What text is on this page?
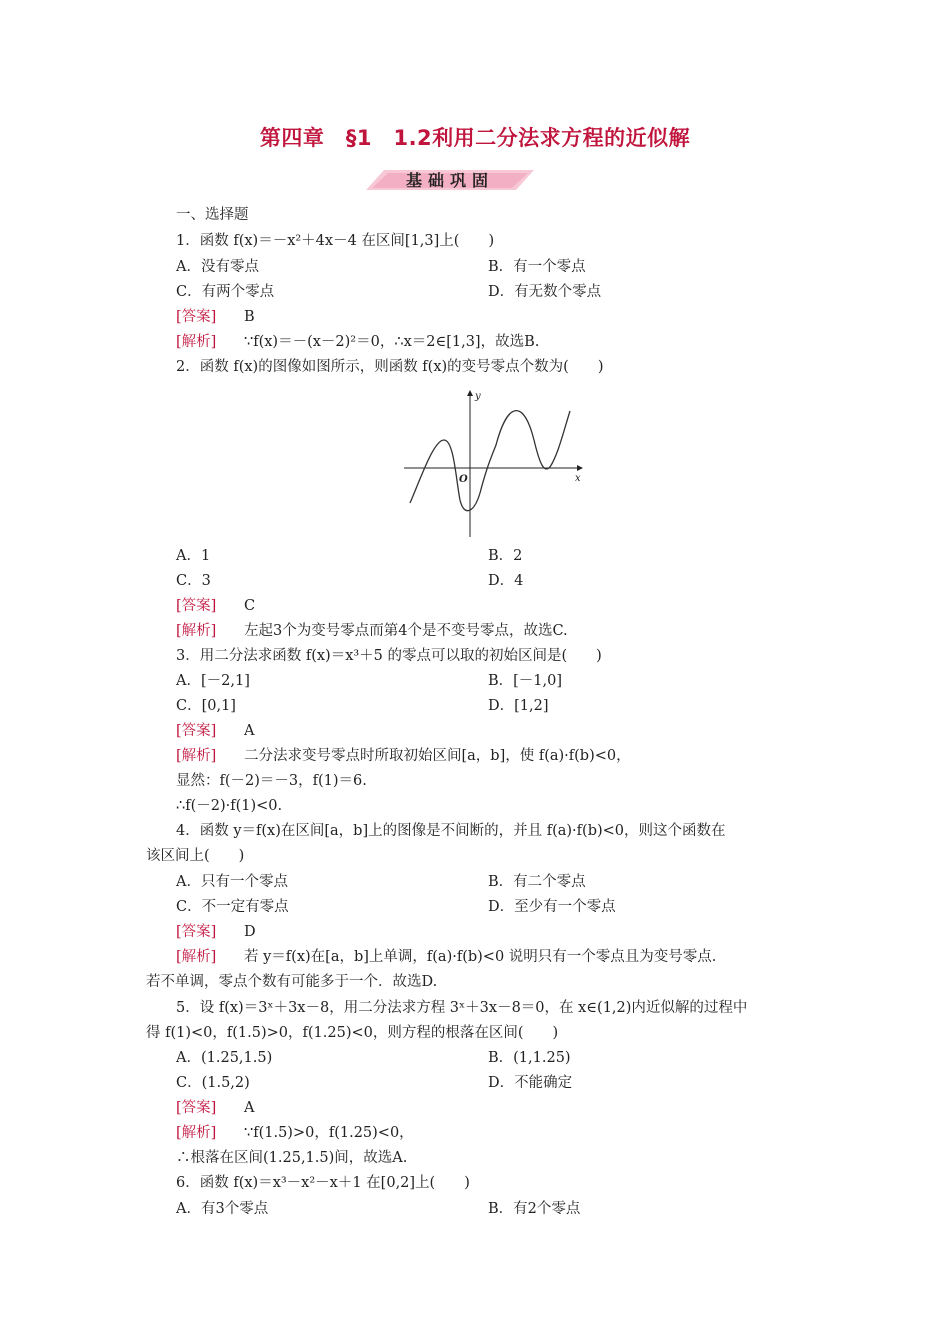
第四章　§1　1.2利用二分法求方程的近似解
基础巩固
一、选择题
1．函数 f(x)＝－x²＋4x－4 在区间[1,3]上(　　)
A．没有零点	B．有一个零点
C．有两个零点	D．有无数个零点
[答案] B
[解析] ∵f(x)＝－(x－2)²＝0，∴x＝2∈[1,3]，故选B.
2．函数 f(x)的图像如图所示，则函数 f(x)的变号零点个数为(　　)
y
x
O
A．1	B．2
C．3	D．4
[答案] C
[解析] 左起3个为变号零点而第4个是不变号零点，故选C.
3．用二分法求函数 f(x)＝x³＋5 的零点可以取的初始区间是(　　)
A．[－2,1]	B．[－1,0]
C．[0,1]	D．[1,2]
[答案] A
[解析] 二分法求变号零点时所取初始区间[a，b]，使 f(a)·f(b)<0，
显然：f(－2)＝－3，f(1)＝6.
∴f(－2)·f(1)<0.
4．函数 y＝f(x)在区间[a，b]上的图像是不间断的，并且 f(a)·f(b)<0，则这个函数在
该区间上(　　)
A．只有一个零点	B．有二个零点
C．不一定有零点	D．至少有一个零点
[答案] D
[解析] 若 y＝f(x)在[a，b]上单调，f(a)·f(b)<0 说明只有一个零点且为变号零点.
若不单调，零点个数有可能多于一个．故选D.
5．设 f(x)＝3ˣ＋3x－8，用二分法求方程 3ˣ＋3x－8＝0，在 x∈(1,2)内近似解的过程中
得 f(1)<0，f(1.5)>0，f(1.25)<0，则方程的根落在区间(　　)
A．(1.25,1.5)	B．(1,1.25)
C．(1.5,2)	D．不能确定
[答案] A
[解析] ∵f(1.5)>0，f(1.25)<0，
∴根落在区间(1.25,1.5)间，故选A.
6．函数 f(x)＝x³－x²－x＋1 在[0,2]上(　　)
A．有3个零点	B．有2个零点
